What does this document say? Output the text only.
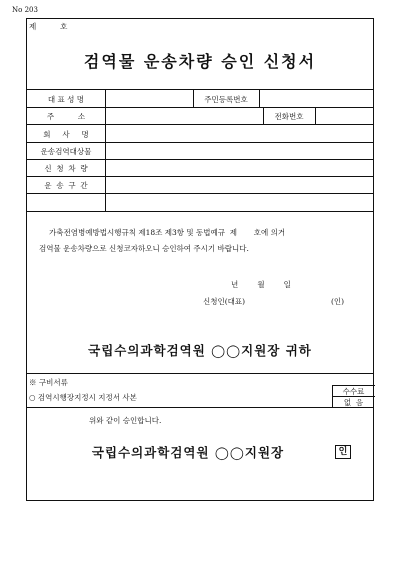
No 203
제          호
검역물 운송차량 승인 신청서
대 표 성 명	주민등록번호
주          소	전화번호
회     사     명
운송검역대상물
신  청  차  량
운  송  구  간
가축전염병예방법시행규칙 제18조 제3항 및 동법예규  제       호에 의거
검역물 운송차량으로 신청코자하오니 승인하여 주시기 바랍니다.
년        월        일
신청인(대표)	(인)
국립수의과학검역원 ◯◯지원장 귀하
※ 구비서류
○ 검역시행장지정시 지정서 사본
수수료
없  음
위와 같이 승인합니다.
국립수의과학검역원 ◯◯지원장	인
